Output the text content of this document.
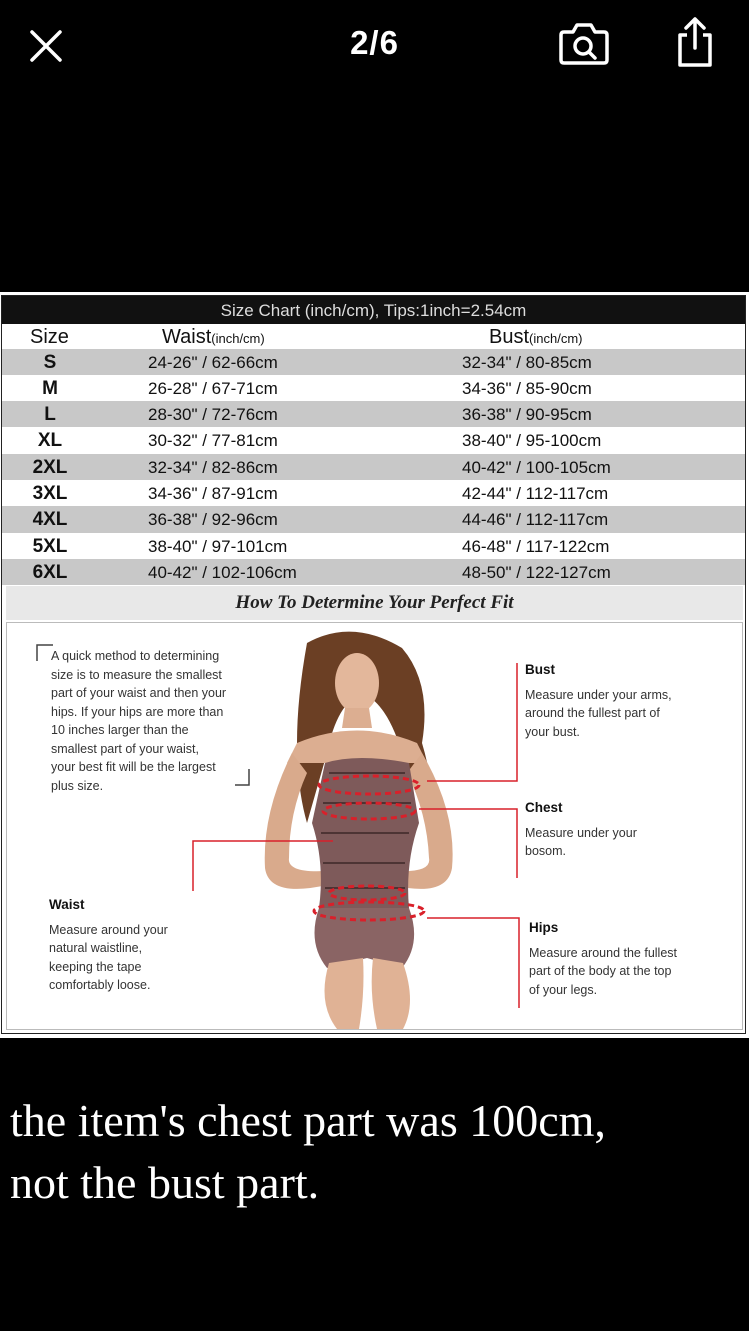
2/6
Size Chart (inch/cm), Tips:1inch=2.54cm
Size	Waist(inch/cm)	Bust(inch/cm)
S	24-26" / 62-66cm	32-34" / 80-85cm
M	26-28" / 67-71cm	34-36" / 85-90cm
L	28-30" / 72-76cm	36-38" / 90-95cm
XL	30-32" / 77-81cm	38-40" / 95-100cm
2XL	32-34" / 82-86cm	40-42" / 100-105cm
3XL	34-36" / 87-91cm	42-44" / 112-117cm
4XL	36-38" / 92-96cm	44-46" / 112-117cm
5XL	38-40" / 97-101cm	46-48" / 117-122cm
6XL	40-42" / 102-106cm	48-50" / 122-127cm
How To Determine Your Perfect Fit
A quick method to determining
size is to measure the smallest
part of your waist and then your
hips. If your hips are more than
10 inches larger than the
smallest part of your waist,
your best fit will be the largest
plus size.
Bust
Measure under your arms,
around the fullest part of
your bust.
Chest
Measure under your
bosom.
Waist
Measure around your
natural waistline,
keeping the tape
comfortably loose.
Hips
Measure around the fullest
part of the body at the top
of your legs.
the item's chest part was 100cm,
not the bust part.
